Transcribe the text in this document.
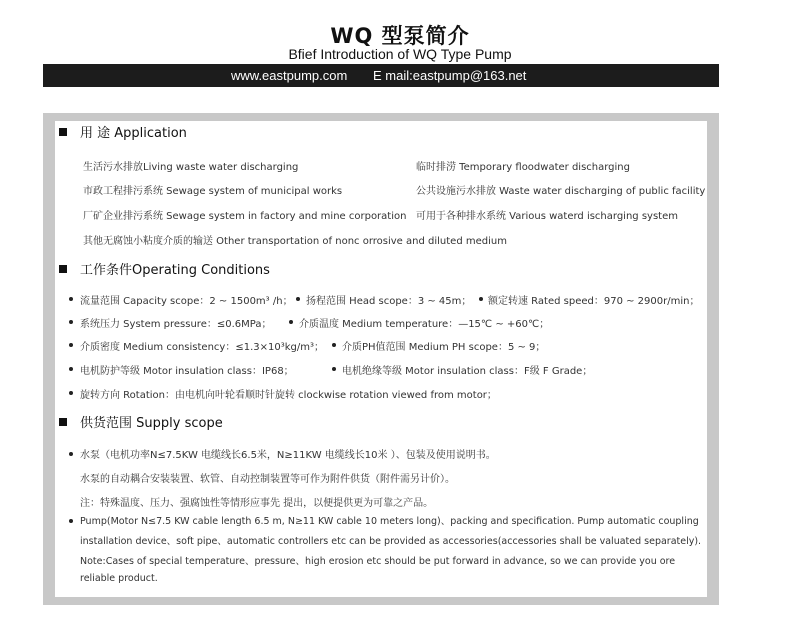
WQ 型泵简介
Bfief Introduction of WQ Type Pump
www.eastpump.com E mail:eastpump@163.net
用 途 Application
生活污水排放Living waste water discharging	临时排涝 Temporary floodwater discharging
市政工程排污系统 Sewage system of municipal works	公共设施污水排放 Waste water discharging of public facility
厂矿企业排污系统 Sewage system in factory and mine corporation 可用于各种排水系统 Various waterd ischarging system
其他无腐蚀小粘度介质的输送 Other transportation of nonc orrosive and diluted medium
工作条件Operating Conditions
流量范围 Capacity scope：2 ~ 1500m³ /h； 扬程范围 Head scope：3 ~ 45m； 额定转速 Rated speed：970 ~ 2900r/min；
系统压力 System pressure：≤0.6MPa；	介质温度 Medium temperature：—15℃ ~ +60℃；
介质密度 Medium consistency：≤1.3×10³kg/m³； 介质PH值范围 Medium PH scope：5 ~ 9；
电机防护等级 Motor insulation class：IP68；	电机绝缘等级 Motor insulation class：F级 F Grade；
旋转方向 Rotation：由电机向叶轮看顺时针旋转 clockwise rotation viewed from motor；
供货范围 Supply scope
水泵（电机功率N≤7.5KW 电缆线长6.5米，N≥11KW 电缆线长10米 ）、包装及使用说明书。
水泵的自动耦合安装装置、软管、自动控制装置等可作为附件供货（附件需另计价）。
注：特殊温度、压力、强腐蚀性等情形应事先 提出，以便提供更为可靠之产品。
Pump(Motor N≤7.5 KW cable length 6.5 m, N≥11 KW cable 10 meters long)、packing and specification. Pump automatic coupling
installation device、soft pipe、automatic controllers etc can be provided as accessories(accessories shall be valuated separately).
Note:Cases of special temperature、pressure、high erosion etc should be put forward in advance, so we can provide you ore
reliable product.
